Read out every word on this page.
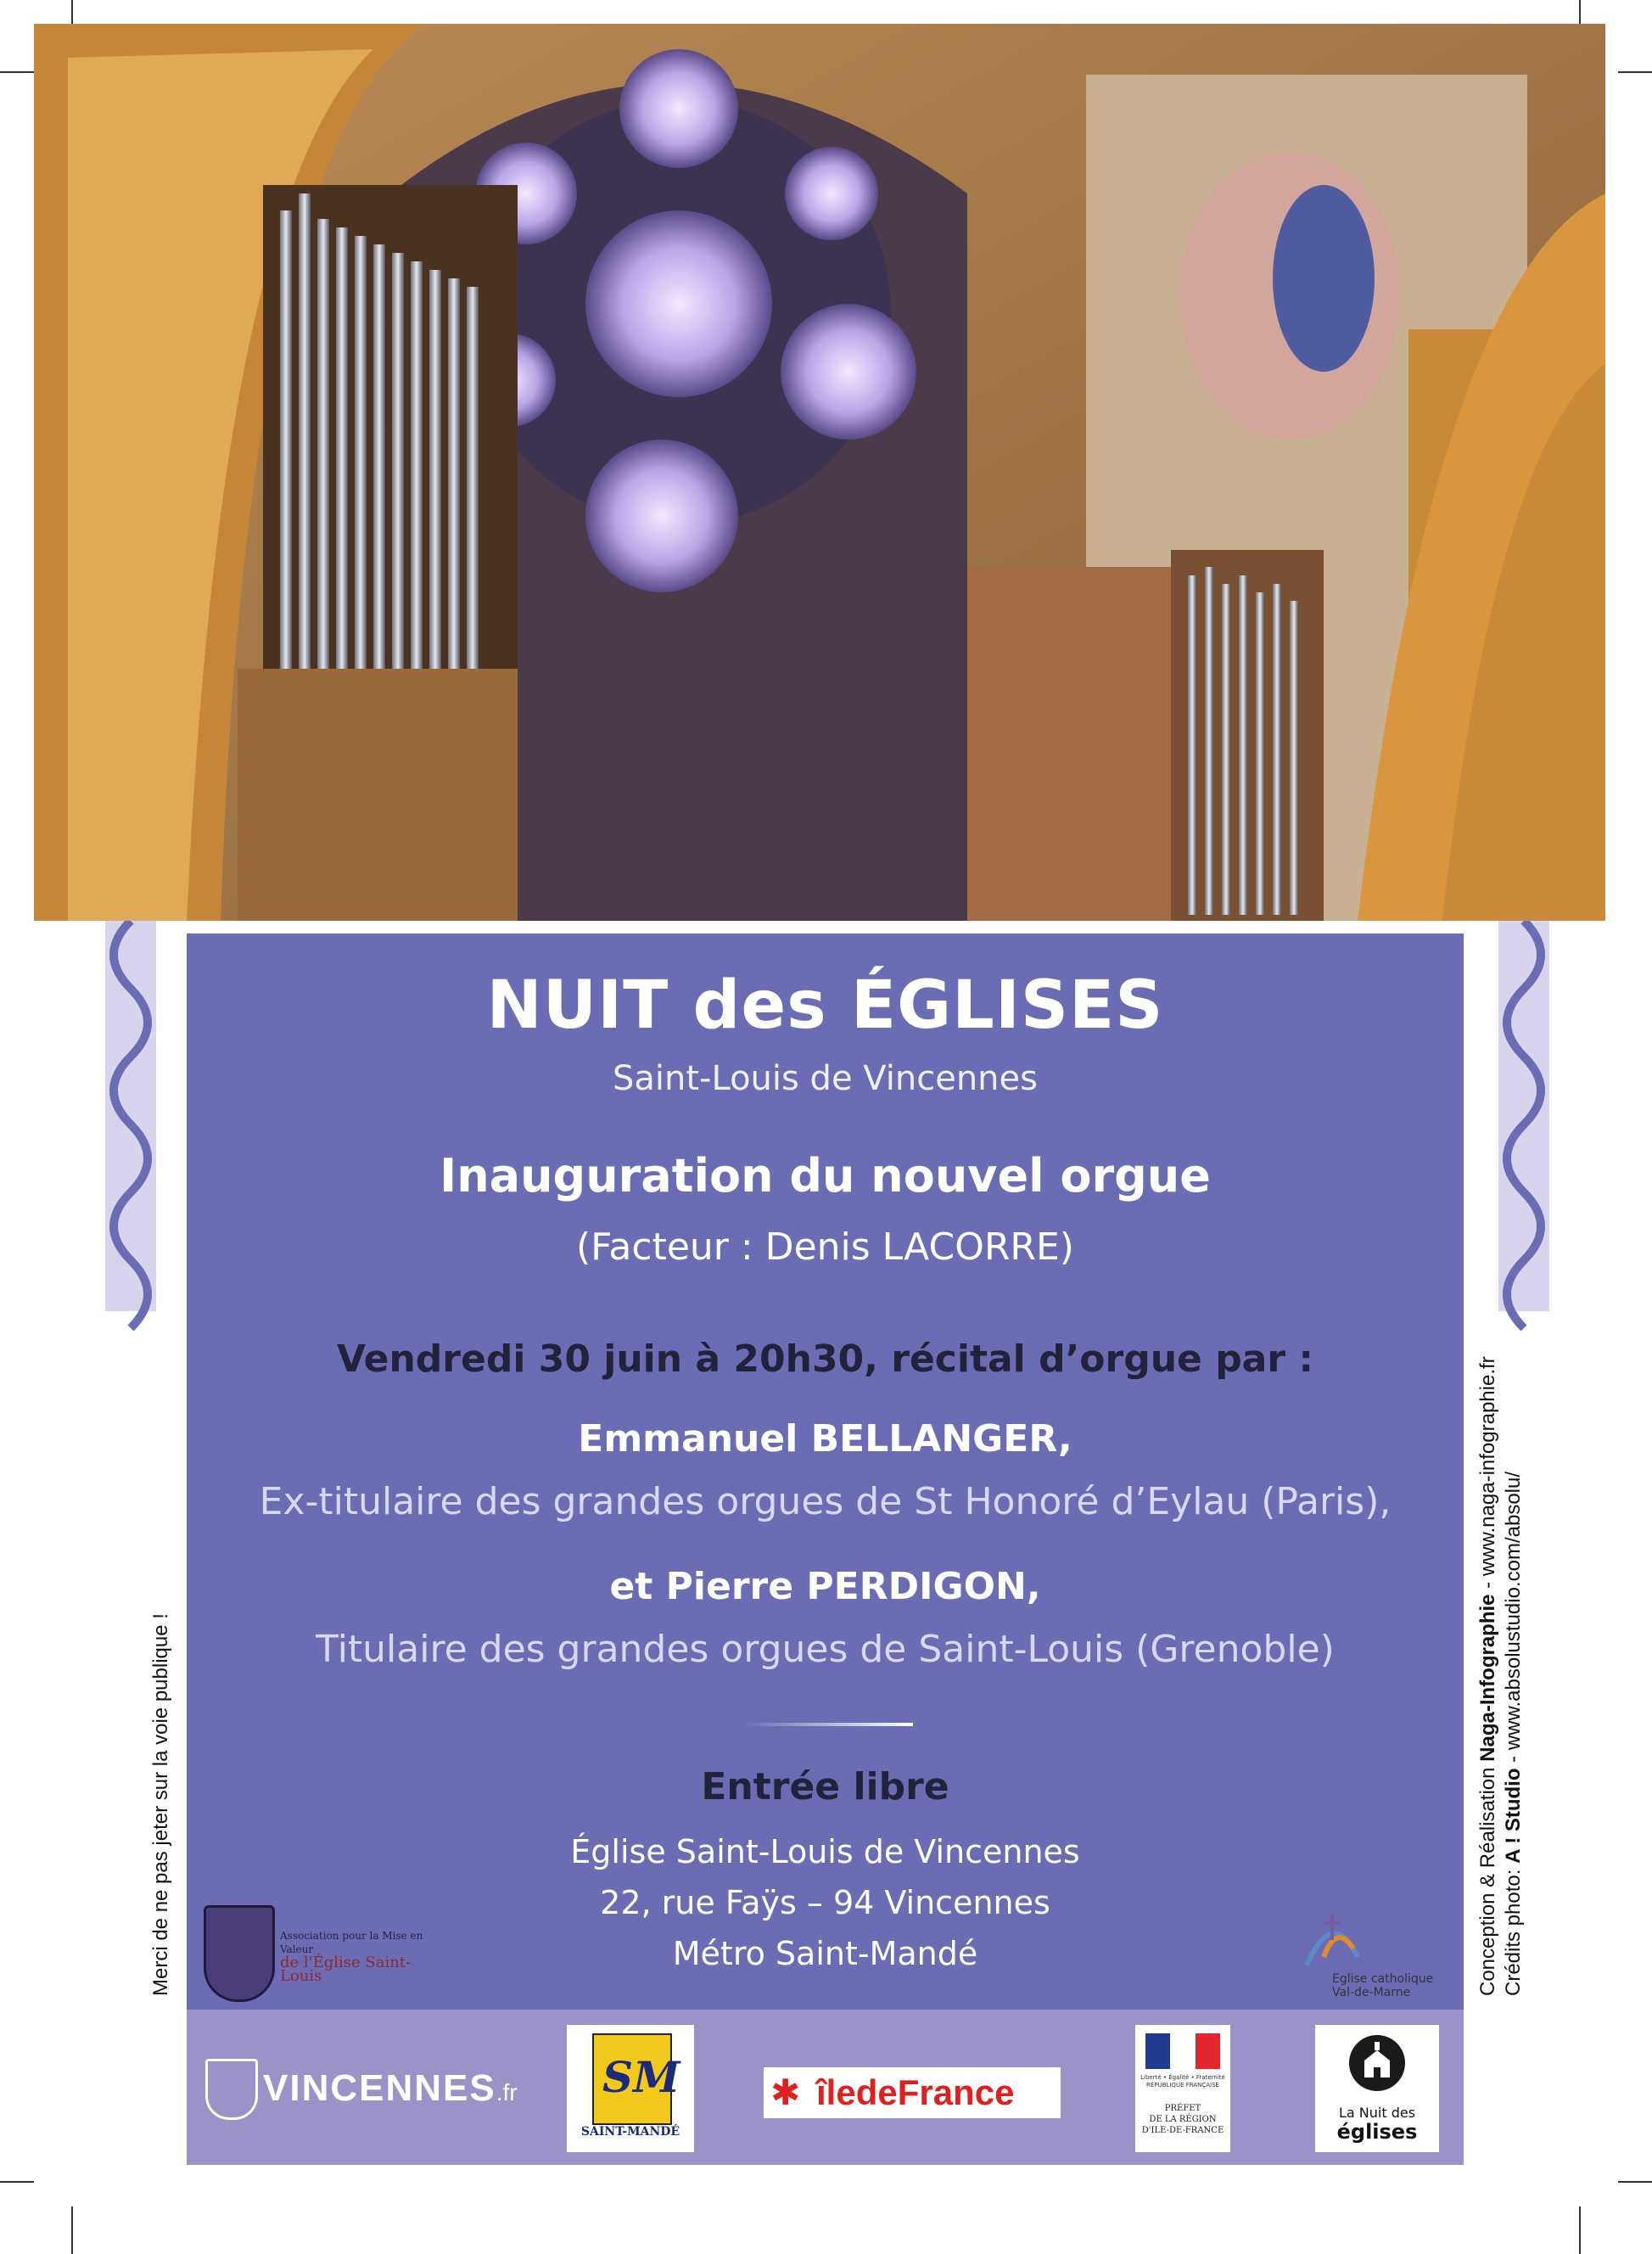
NUIT des ÉGLISES
Saint-Louis de Vincennes
Inauguration du nouvel orgue
(Facteur : Denis LACORRE)
Vendredi 30 juin à 20h30, récital d’orgue par :
Emmanuel BELLANGER,
Ex-titulaire des grandes orgues de St Honoré d’Eylau (Paris),
et Pierre PERDIGON,
Titulaire des grandes orgues de Saint-Louis (Grenoble)
Entrée libre
Église Saint-Louis de Vincennes
22, rue Faÿs – 94 Vincennes
Métro Saint-Mandé
Association pour la Mise en Valeur
de l'Église Saint-Louis	Eglise catholique
Val-de-Marne
VINCENNES.fr SM
SAINT-MANDÉ
✱ îledeFrance	Liberté • Égalité • Fraternité RÉPUBLIQUE FRANÇAISE
PRÉFET
DE LA RÉGION
D'ILE-DE-FRANCE
La Nuit des
églises
Merci de ne pas jeter sur la voie publique !	Conception & Réalisation Naga-Infographie - www.naga-infographie.fr
Crédits photo: A ! Studio - www.absolustudio.com/absolu/
